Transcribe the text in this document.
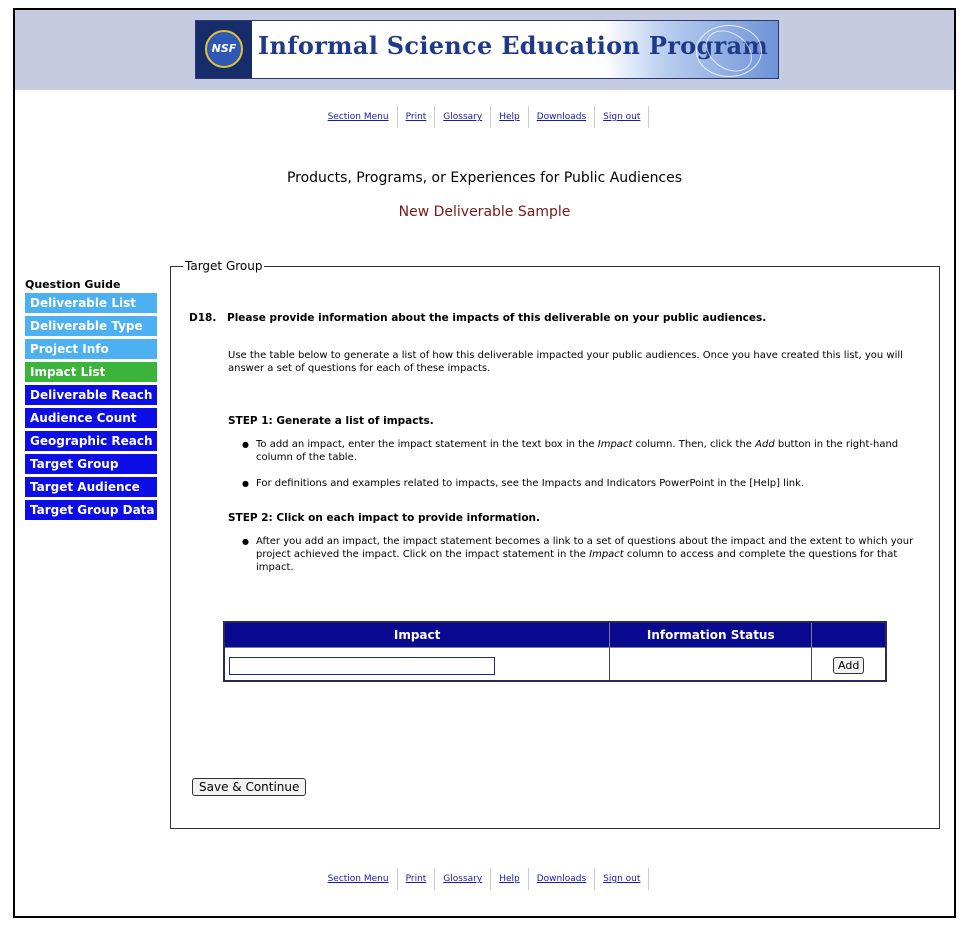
NSF Informal Science Education Program
Section Menu Print Glossary Help Downloads Sign out
Products, Programs, or Experiences for Public Audiences
New Deliverable Sample
Question Guide
Deliverable List
Deliverable Type
Project Info
Impact List
Deliverable Reach
Audience Count
Geographic Reach
Target Group
Target Audience
Target Group Data
Target Group
D18. Please provide information about the impacts of this deliverable on your public audiences.
Use the table below to generate a list of how this deliverable impacted your public audiences. Once you have created this list, you will answer a set of questions for each of these impacts.
STEP 1: Generate a list of impacts.
● To add an impact, enter the impact statement in the text box in the Impact column. Then, click the Add button in the right-hand column of the table.
● For definitions and examples related to impacts, see the Impacts and Indicators PowerPoint in the [Help] link.
STEP 2: Click on each impact to provide information.
● After you add an impact, the impact statement becomes a link to a set of questions about the impact and the extent to which your project achieved the impact. Click on the impact statement in the Impact column to access and complete the questions for that impact.
Impact	Information Status	
		Add
Save & Continue
Section Menu Print Glossary Help Downloads Sign out
